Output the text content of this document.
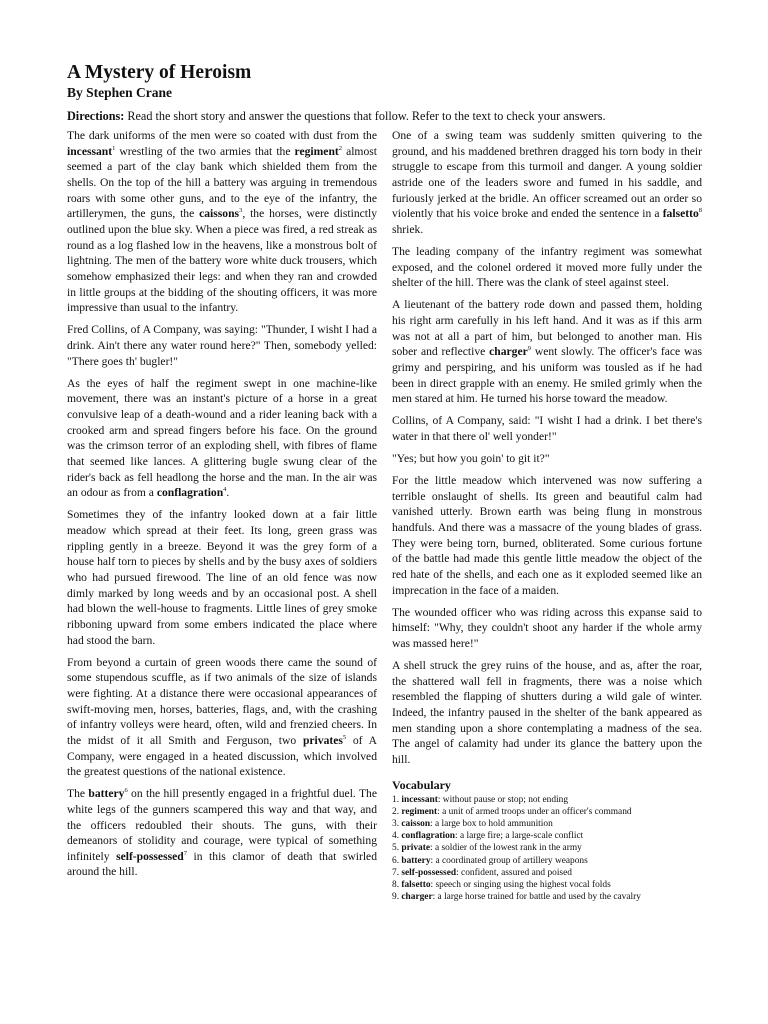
A Mystery of Heroism
By Stephen Crane
Directions: Read the short story and answer the questions that follow. Refer to the text to check your answers.

The dark uniforms of the men were so coated with dust from the incessant$^1$ wrestling of the two armies that the regiment$^2$ almost seemed a part of the clay bank which shielded them from the shells. On the top of the hill a battery was arguing in tremendous roars with some other guns, and to the eye of the infantry, the artillerymen, the guns, the caissons$^3$, the horses, were distinctly outlined upon the blue sky. When a piece was fired, a red streak as round as a log flashed low in the heavens, like a monstrous bolt of lightning. The men of the battery wore white duck trousers, which somehow emphasized their legs: and when they ran and crowded in little groups at the bidding of the shouting officers, it was more impressive than usual to the infantry.

Fred Collins, of A Company, was saying: "Thunder, I wisht I had a drink. Ain't there any water round here?" Then, somebody yelled: "There goes th' bugler!"

As the eyes of half the regiment swept in one machine-like movement, there was an instant's picture of a horse in a great convulsive leap of a death-wound and a rider leaning back with a crooked arm and spread fingers before his face. On the ground was the crimson terror of an exploding shell, with fibres of flame that seemed like lances. A glittering bugle swung clear of the rider's back as fell headlong the horse and the man. In the air was an odour as from a conflagration$^4$.

Sometimes they of the infantry looked down at a fair little meadow which spread at their feet. Its long, green grass was rippling gently in a breeze. Beyond it was the grey form of a house half torn to pieces by shells and by the busy axes of soldiers who had pursued firewood. The line of an old fence was now dimly marked by long weeds and by an occasional post. A shell had blown the well-house to fragments. Little lines of grey smoke ribboning upward from some embers indicated the place where had stood the barn.

From beyond a curtain of green woods there came the sound of some stupendous scuffle, as if two animals of the size of islands were fighting. At a distance there were occasional appearances of swift-moving men, horses, batteries, flags, and, with the crashing of infantry volleys were heard, often, wild and frenzied cheers. In the midst of it all Smith and Ferguson, two privates$^5$ of A Company, were engaged in a heated discussion, which involved the greatest questions of the national existence.

The battery$^6$ on the hill presently engaged in a frightful duel. The white legs of the gunners scampered this way and that way, and the officers redoubled their shouts. The guns, with their demeanors of stolidity and courage, were typical of something infinitely self-possessed$^7$ in this clamor of death that swirled around the hill.

One of a swing team was suddenly smitten quivering to the ground, and his maddened brethren dragged his torn body in their struggle to escape from this turmoil and danger. A young soldier astride one of the leaders swore and fumed in his saddle, and furiously jerked at the bridle. An officer screamed out an order so violently that his voice broke and ended the sentence in a falsetto$^8$ shriek.

The leading company of the infantry regiment was somewhat exposed, and the colonel ordered it moved more fully under the shelter of the hill. There was the clank of steel against steel.

A lieutenant of the battery rode down and passed them, holding his right arm carefully in his left hand. And it was as if this arm was not at all a part of him, but belonged to another man. His sober and reflective charger$^9$ went slowly. The officer's face was grimy and perspiring, and his uniform was tousled as if he had been in direct grapple with an enemy. He smiled grimly when the men stared at him. He turned his horse toward the meadow.

Collins, of A Company, said: "I wisht I had a drink. I bet there's water in that there ol' well yonder!"

"Yes; but how you goin' to git it?"

For the little meadow which intervened was now suffering a terrible onslaught of shells. Its green and beautiful calm had vanished utterly. Brown earth was being flung in monstrous handfuls. And there was a massacre of the young blades of grass. They were being torn, burned, obliterated. Some curious fortune of the battle had made this gentle little meadow the object of the red hate of the shells, and each one as it exploded seemed like an imprecation in the face of a maiden.

The wounded officer who was riding across this expanse said to himself: "Why, they couldn't shoot any harder if the whole army was massed here!"

A shell struck the grey ruins of the house, and as, after the roar, the shattered wall fell in fragments, there was a noise which resembled the flapping of shutters during a wild gale of winter. Indeed, the infantry paused in the shelter of the bank appeared as men standing upon a shore contemplating a madness of the sea. The angel of calamity had under its glance the battery upon the hill.

Vocabulary
1. incessant: without pause or stop; not ending
2. regiment: a unit of armed troops under an officer's command
3. caisson: a large box to hold ammunition
4. conflagration: a large fire; a large-scale conflict
5. private: a soldier of the lowest rank in the army
6. battery: a coordinated group of artillery weapons
7. self-possessed: confident, assured and poised
8. falsetto: speech or singing using the highest vocal folds
9. charger: a large horse trained for battle and used by the cavalry
